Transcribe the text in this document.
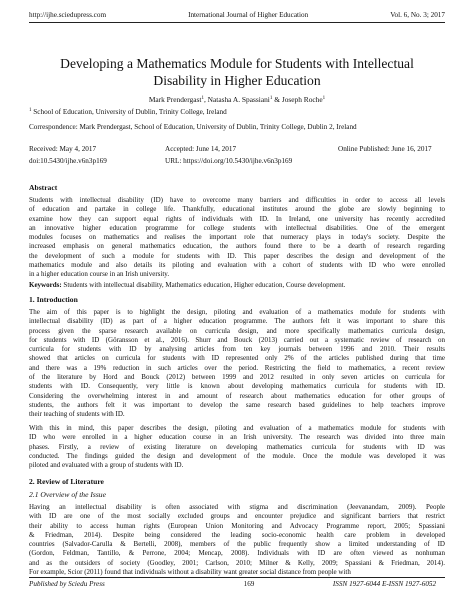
http://ijhe.sciedupress.com	International Journal of Higher Education	Vol. 6, No. 3; 2017
Developing a Mathematics Module for Students with Intellectual
Disability in Higher Education
Mark Prendergast$^1$, Natasha A. Spassiani$^1$ & Joseph Roche$^1$
$^1$ School of Education, University of Dublin, Trinity College, Ireland
Correspondence: Mark Prendergast, School of Education, University of Dublin, Trinity College, Dublin 2, Ireland
Received: May 4, 2017	Accepted: June 14, 2017	Online Published: June 16, 2017
doi:10.5430/ijhe.v6n3p169	URL: https://doi.org/10.5430/ijhe.v6n3p169
Abstract
Students with intellectual disability (ID) have to overcome many barriers and difficulties in order to access all levels
of education and partake in college life. Thankfully, educational institutes around the globe are slowly beginning to
examine how they can support equal rights of individuals with ID. In Ireland, one university has recently accredited
an innovative higher education programme for college students with intellectual disabilities. One of the emergent
modules focuses on mathematics and realises the important role that numeracy plays in today's society. Despite the
increased emphasis on general mathematics education, the authors found there to be a dearth of research regarding
the development of such a module for students with ID. This paper describes the design and development of the
mathematics module and also details its piloting and evaluation with a cohort of students with ID who were enrolled
in a higher education course in an Irish university.
Keywords: Students with intellectual disability, Mathematics education, Higher education, Course development.
1. Introduction
The aim of this paper is to highlight the design, piloting and evaluation of a mathematics module for students with
intellectual disability (ID) as part of a higher education programme. The authors felt it was important to share this
process given the sparse research available on curricula design, and more specifically mathematics curricula design,
for students with ID (Göransson et al., 2016). Shurr and Bouck (2013) carried out a systematic review of research on
curricula for students with ID by analysing articles from ten key journals between 1996 and 2010. Their results
showed that articles on curricula for students with ID represented only 2% of the articles published during that time
and there was a 19% reduction in such articles over the period. Restricting the field to mathematics, a recent review
of the literature by Hord and Bouck (2012) between 1999 and 2012 resulted in only seven articles on curricula for
students with ID. Consequently, very little is known about developing mathematics curricula for students with ID.
Considering the overwhelming interest in and amount of research about mathematics education for other groups of
students, the authors felt it was important to develop the same research based guidelines to help teachers improve
their teaching of students with ID.
With this in mind, this paper describes the design, piloting and evaluation of a mathematics module for students with
ID who were enrolled in a higher education course in an Irish university. The research was divided into three main
phases. Firstly, a review of existing literature on developing mathematics curricula for students with ID was
conducted. The findings guided the design and development of the module. Once the module was developed it was
piloted and evaluated with a group of students with ID.
2. Review of Literature
2.1 Overview of the Issue
Having an intellectual disability is often associated with stigma and discrimination (Jeevanandam, 2009). People
with ID are one of the most socially excluded groups and encounter prejudice and significant barriers that restrict
their ability to access human rights (European Union Monitoring and Advocacy Programme report, 2005; Spassiani
& Friedman, 2014). Despite being considered the leading socio-economic health care problem in developed
countries (Salvador-Carulla & Bertelli, 2008), members of the public frequently show a limited understanding of ID
(Gordon, Feldman, Tantillo, & Perrone, 2004; Mencap, 2008). Individuals with ID are often viewed as nonhuman
and as the outsiders of society (Goodley, 2001; Carlson, 2010; Milner & Kelly, 2009; Spassiani & Friedman, 2014).
For example, Scior (2011) found that individuals without a disability want greater social distance from people with
Published by Sciedu Press	169	ISSN 1927-6044 E-ISSN 1927-6052
